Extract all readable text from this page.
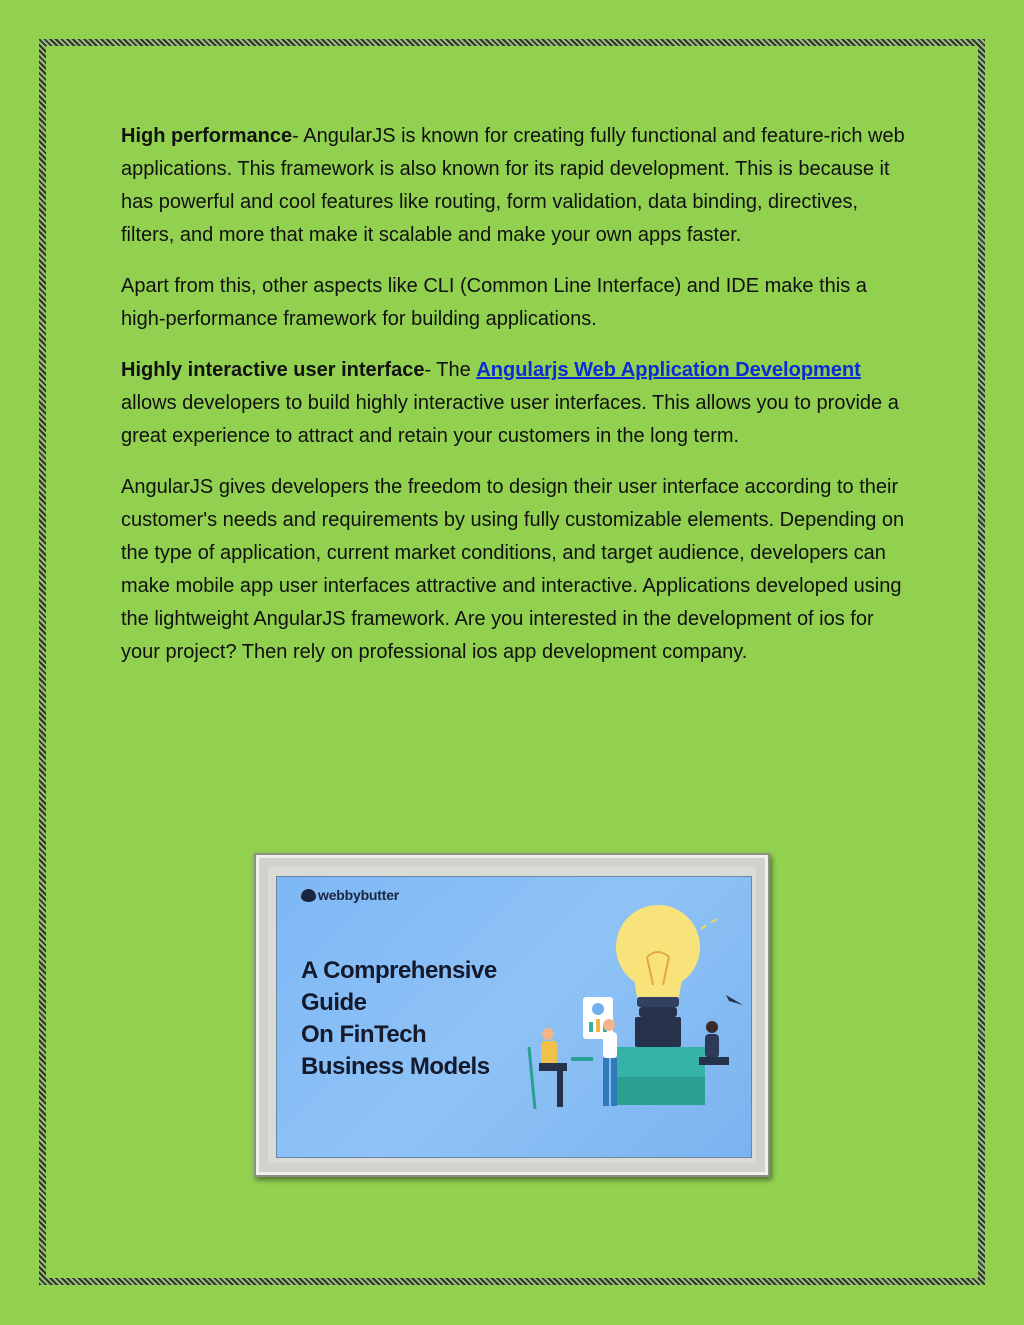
High performance- AngularJS is known for creating fully functional and feature-rich web applications. This framework is also known for its rapid development. This is because it has powerful and cool features like routing, form validation, data binding, directives, filters, and more that make it scalable and make your own apps faster.

Apart from this, other aspects like CLI (Common Line Interface) and IDE make this a high-performance framework for building applications.

Highly interactive user interface- The Angularjs Web Application Development allows developers to build highly interactive user interfaces. This allows you to provide a great experience to attract and retain your customers in the long term.

AngularJS gives developers the freedom to design their user interface according to their customer's needs and requirements by using fully customizable elements. Depending on the type of application, current market conditions, and target audience, developers can make mobile app user interfaces attractive and interactive. Applications developed using the lightweight AngularJS framework. Are you interested in the development of ios for your project? Then rely on professional ios app development company.

webbybutter
A Comprehensive
Guide
On FinTech
Business Models
